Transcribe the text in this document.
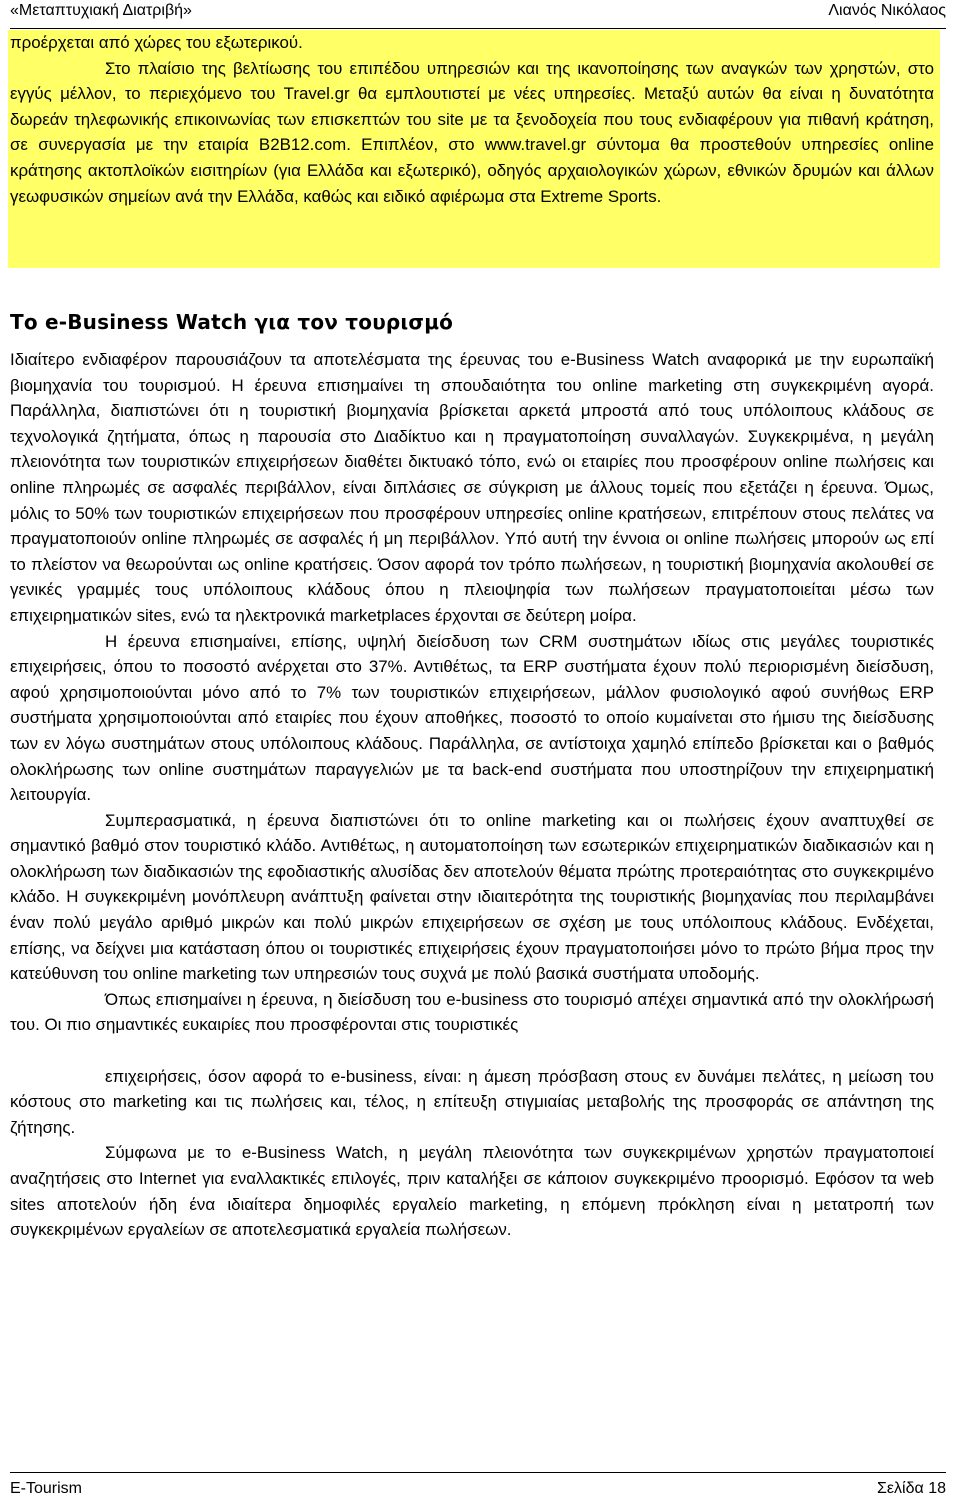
«Μεταπτυχιακή Διατριβή»	Λιανός Νικόλαος

προέρχεται από χώρες του εξωτερικού.

Στο πλαίσιο της βελτίωσης του επιπέδου υπηρεσιών και της ικανοποίησης των αναγκών των χρηστών, στο εγγύς μέλλον, το περιεχόμενο του Travel.gr θα εμπλουτιστεί με νέες υπηρεσίες. Μεταξύ αυτών θα είναι η δυνατότητα δωρεάν τηλεφωνικής επικοινωνίας των επισκεπτών του site με τα ξενοδοχεία που τους ενδιαφέρουν για πιθανή κράτηση, σε συνεργασία με την εταιρία B2B12.com. Επιπλέον, στο www.travel.gr σύντομα θα προστεθούν υπηρεσίες online κράτησης ακτοπλοϊκών εισιτηρίων (για Ελλάδα και εξωτερικό), οδηγός αρχαιολογικών χώρων, εθνικών δρυμών και άλλων γεωφυσικών σημείων ανά την Ελλάδα, καθώς και ειδικό αφιέρωμα στα Extreme Sports.

Το e-Business Watch για τον τουρισμό

Ιδιαίτερο ενδιαφέρον παρουσιάζουν τα αποτελέσματα της έρευνας του e-Business Watch αναφορικά με την ευρωπαϊκή βιομηχανία του τουρισμού. Η έρευνα επισημαίνει τη σπουδαιότητα του online marketing στη συγκεκριμένη αγορά. Παράλληλα, διαπιστώνει ότι η τουριστική βιομηχανία βρίσκεται αρκετά μπροστά από τους υπόλοιπους κλάδους σε τεχνολογικά ζητήματα, όπως η παρουσία στο Διαδίκτυο και η πραγματοποίηση συναλλαγών. Συγκεκριμένα, η μεγάλη πλειονότητα των τουριστικών επιχειρήσεων διαθέτει δικτυακό τόπο, ενώ οι εταιρίες που προσφέρουν online πωλήσεις και online πληρωμές σε ασφαλές περιβάλλον, είναι διπλάσιες σε σύγκριση με άλλους τομείς που εξετάζει η έρευνα. Όμως, μόλις το 50% των τουριστικών επιχειρήσεων που προσφέρουν υπηρεσίες online κρατήσεων, επιτρέπουν στους πελάτες να πραγματοποιούν online πληρωμές σε ασφαλές ή μη περιβάλλον. Υπό αυτή την έννοια οι online πωλήσεις μπορούν ως επί το πλείστον να θεωρούνται ως online κρατήσεις. Όσον αφορά τον τρόπο πωλήσεων, η τουριστική βιομηχανία ακολουθεί σε γενικές γραμμές τους υπόλοιπους κλάδους όπου η πλειοψηφία των πωλήσεων πραγματοποιείται μέσω των επιχειρηματικών sites, ενώ τα ηλεκτρονικά marketplaces έρχονται σε δεύτερη μοίρα.

Η έρευνα επισημαίνει, επίσης, υψηλή διείσδυση των CRM συστημάτων ιδίως στις μεγάλες τουριστικές επιχειρήσεις, όπου το ποσοστό ανέρχεται στο 37%. Αντιθέτως, τα ERP συστήματα έχουν πολύ περιορισμένη διείσδυση, αφού χρησιμοποιούνται μόνο από το 7% των τουριστικών επιχειρήσεων, μάλλον φυσιολογικό αφού συνήθως ERP συστήματα χρησιμοποιούνται από εταιρίες που έχουν αποθήκες, ποσοστό το οποίο κυμαίνεται στο ήμισυ της διείσδυσης των εν λόγω συστημάτων στους υπόλοιπους κλάδους. Παράλληλα, σε αντίστοιχα χαμηλό επίπεδο βρίσκεται και ο βαθμός ολοκλήρωσης των online συστημάτων παραγγελιών με τα back-end συστήματα που υποστηρίζουν την επιχειρηματική λειτουργία.

Συμπερασματικά, η έρευνα διαπιστώνει ότι το online marketing και οι πωλήσεις έχουν αναπτυχθεί σε σημαντικό βαθμό στον τουριστικό κλάδο. Αντιθέτως, η αυτοματοποίηση των εσωτερικών επιχειρηματικών διαδικασιών και η ολοκλήρωση των διαδικασιών της εφοδιαστικής αλυσίδας δεν αποτελούν θέματα πρώτης προτεραιότητας στο συγκεκριμένο κλάδο. Η συγκεκριμένη μονόπλευρη ανάπτυξη φαίνεται στην ιδιαιτερότητα της τουριστικής βιομηχανίας που περιλαμβάνει έναν πολύ μεγάλο αριθμό μικρών και πολύ μικρών επιχειρήσεων σε σχέση με τους υπόλοιπους κλάδους. Ενδέχεται, επίσης, να δείχνει μια κατάσταση όπου οι τουριστικές επιχειρήσεις έχουν πραγματοποιήσει μόνο το πρώτο βήμα προς την κατεύθυνση του online marketing των υπηρεσιών τους συχνά με πολύ βασικά συστήματα υποδομής.

Όπως επισημαίνει η έρευνα, η διείσδυση του e-business στο τουρισμό απέχει σημαντικά από την ολοκλήρωσή του. Οι πιο σημαντικές ευκαιρίες που προσφέρονται στις τουριστικές

επιχειρήσεις, όσον αφορά το e-business, είναι: η άμεση πρόσβαση στους εν δυνάμει πελάτες, η μείωση του κόστους στο marketing και τις πωλήσεις και, τέλος, η επίτευξη στιγμιαίας μεταβολής της προσφοράς σε απάντηση της ζήτησης.

Σύμφωνα με το e-Business Watch, η μεγάλη πλειονότητα των συγκεκριμένων χρηστών πραγματοποιεί αναζητήσεις στο Internet για εναλλακτικές επιλογές, πριν καταλήξει σε κάποιον συγκεκριμένο προορισμό. Εφόσον τα web sites αποτελούν ήδη ένα ιδιαίτερα δημοφιλές εργαλείο marketing, η επόμενη πρόκληση είναι η μετατροπή των συγκεκριμένων εργαλείων σε αποτελεσματικά εργαλεία πωλήσεων.

E-Tourism	Σελίδα 18
